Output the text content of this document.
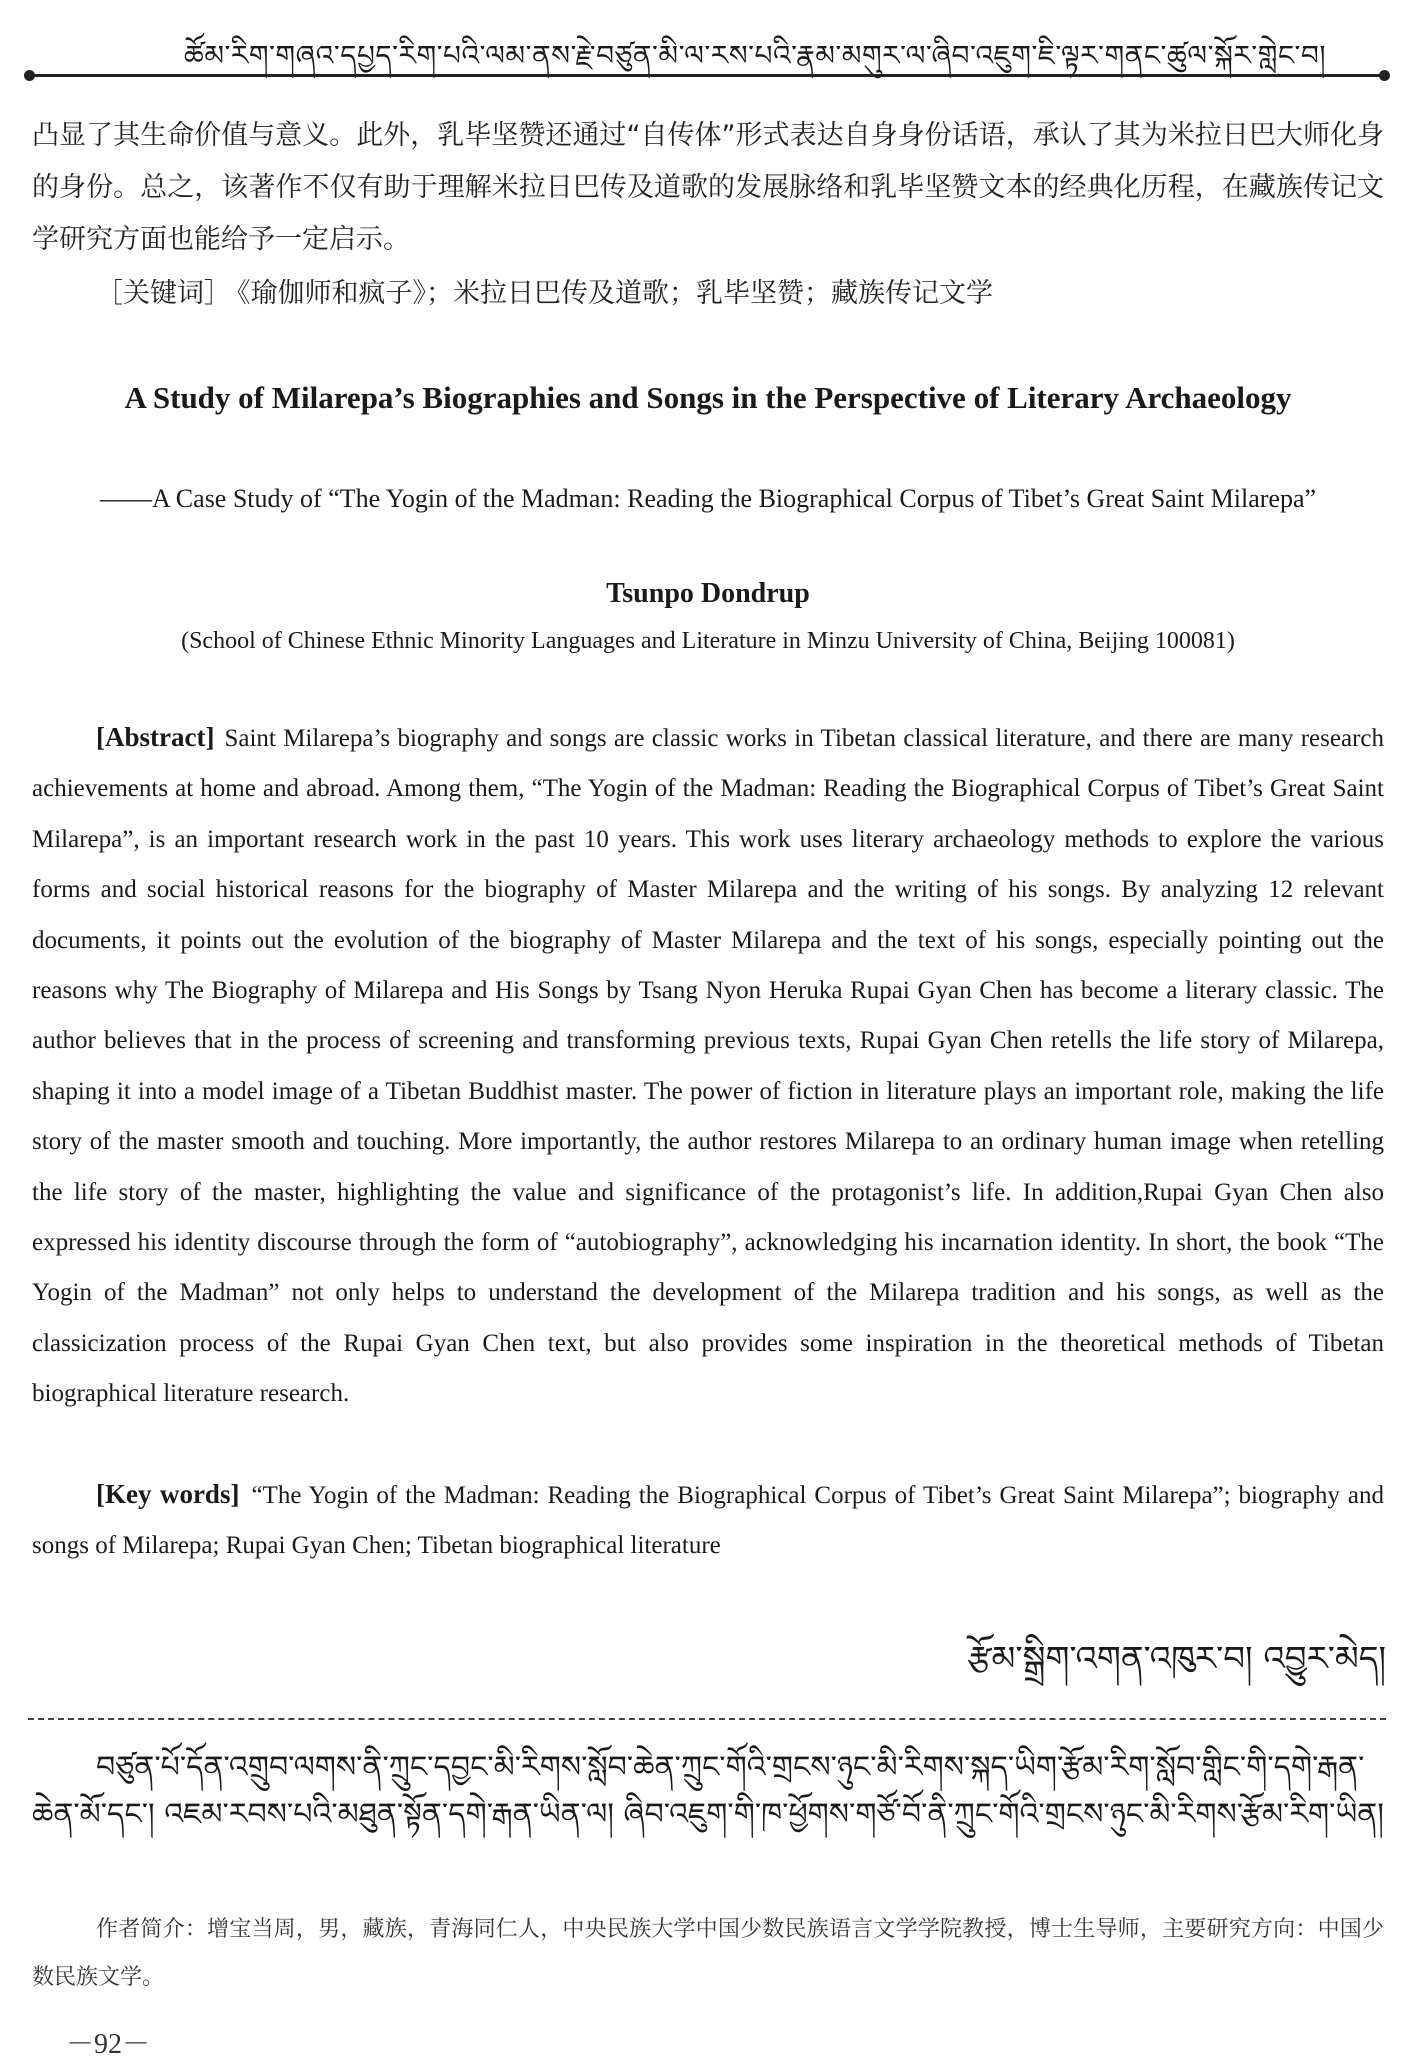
ཚོམ་རིག་གཞའ་དཔྱད་རིག་པའི་ལམ་ནས་རྗེ་བཙུན་མི་ལ་རས་པའི་རྣམ་མགུར་ལ་ཞིབ་འཇུག་ཇི་ལྟར་གནང་ཚུལ་སྐོར་གླེང་བ།
凸显了其生命价值与意义。此外，乳毕坚赞还通过“自传体”形式表达自身身份话语，承认了其为米拉日巴大师化身的身份。总之，该著作不仅有助于理解米拉日巴传及道歌的发展脉络和乳毕坚赞文本的经典化历程，在藏族传记文学研究方面也能给予一定启示。
［关键词］ 《瑜伽师和疯子》；米拉日巴传及道歌；乳毕坚赞；藏族传记文学
A Study of Milarepa’s Biographies and Songs in the Perspective of Literary Archaeology
——A Case Study of “The Yogin of the Madman: Reading the Biographical Corpus of Tibet’s Great Saint Milarepa”
Tsunpo Dondrup
(School of Chinese Ethnic Minority Languages and Literature in Minzu University of China, Beijing 100081)
[Abstract] Saint Milarepa’s biography and songs are classic works in Tibetan classical literature, and there are many research achievements at home and abroad. Among them, “The Yogin of the Madman: Reading the Biographical Corpus of Tibet’s Great Saint Milarepa”, is an important research work in the past 10 years. This work uses literary archaeology methods to explore the various forms and social historical reasons for the biography of Master Milarepa and the writing of his songs. By analyzing 12 relevant documents, it points out the evolution of the biography of Master Milarepa and the text of his songs, especially pointing out the reasons why The Biography of Milarepa and His Songs by Tsang Nyon Heruka Rupai Gyan Chen has become a literary classic. The author believes that in the process of screening and transforming previous texts, Rupai Gyan Chen retells the life story of Milarepa, shaping it into a model image of a Tibetan Buddhist master. The power of fiction in literature plays an important role, making the life story of the master smooth and touching. More importantly, the author restores Milarepa to an ordinary human image when retelling the life story of the master, highlighting the value and significance of the protagonist’s life. In addition,Rupai Gyan Chen also expressed his identity discourse through the form of “autobiography”, acknowledging his incarnation identity. In short, the book “The Yogin of the Madman” not only helps to understand the development of the Milarepa tradition and his songs, as well as the classicization process of the Rupai Gyan Chen text, but also provides some inspiration in the theoretical methods of Tibetan biographical literature research.
[Key words] “The Yogin of the Madman: Reading the Biographical Corpus of Tibet’s Great Saint Milarepa”; biography and songs of Milarepa; Rupai Gyan Chen; Tibetan biographical literature
རྩོམ་སྒྲིག་འགན་འཁུར་བ། འབྱུར་མེད།
བཙུན་པོ་དོན་འགྲུབ་ལགས་ནི་ཀྲུང་དབྱང་མི་རིགས་སློབ་ཆེན་ཀྲུང་གོའི་གྲངས་ཉུང་མི་རིགས་སྐད་ཡིག་རྩོམ་རིག་སློབ་གླིང་གི་དགེ་རྒན་ཆེན་མོ་དང་། འཇམ་རབས་པའི་མཐུན་སྟོན་དགེ་རྒན་ཡིན་ལ། ཞིབ་འཇུག་གི་ཁ་ཕྱོགས་གཙོ་བོ་ནི་ཀྲུང་གོའི་གྲངས་ཉུང་མི་རིགས་རྩོམ་རིག་ཡིན།
作者简介：增宝当周，男，藏族，青海同仁人，中央民族大学中国少数民族语言文学学院教授，博士生导师，主要研究方向：中国少数民族文学。
－92－
